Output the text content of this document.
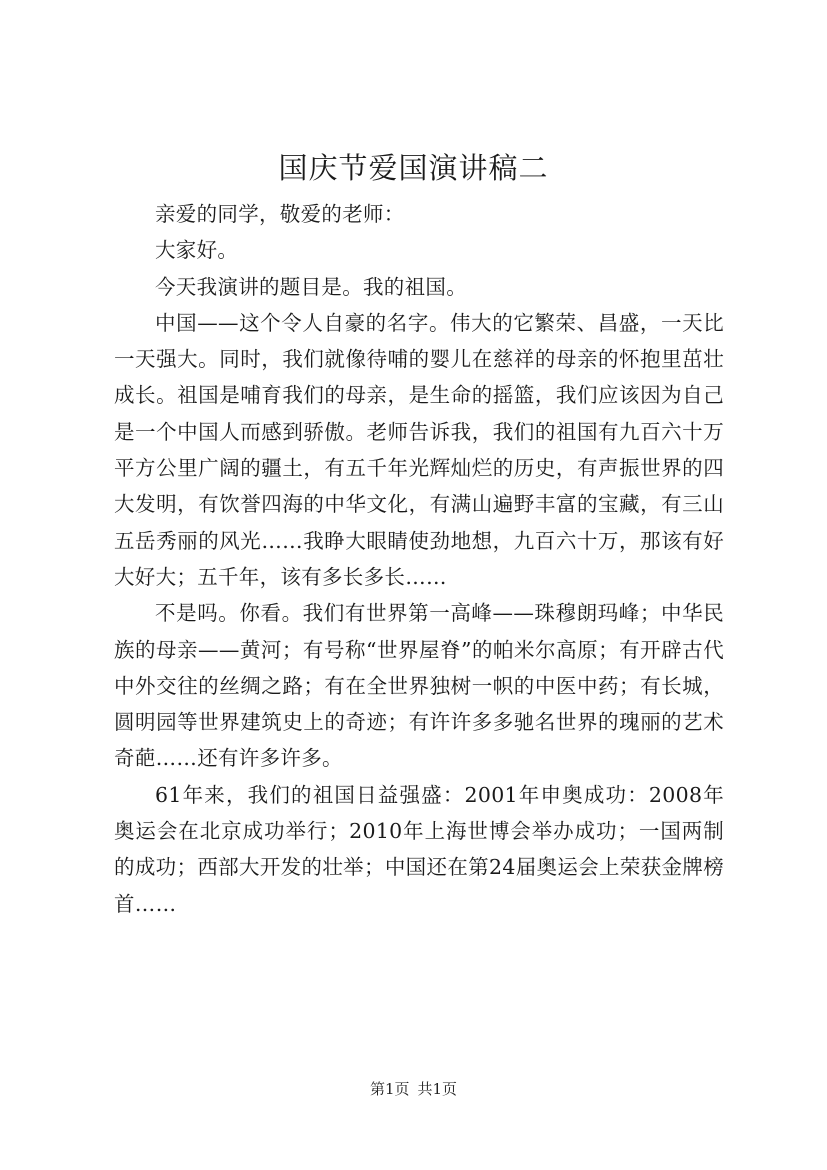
国庆节爱国演讲稿二

亲爱的同学，敬爱的老师：

大家好。

今天我演讲的题目是。我的祖国。

中国——这个令人自豪的名字。伟大的它繁荣、昌盛，一天比一天强大。同时，我们就像待哺的婴儿在慈祥的母亲的怀抱里茁壮成长。祖国是哺育我们的母亲，是生命的摇篮，我们应该因为自己是一个中国人而感到骄傲。老师告诉我，我们的祖国有九百六十万平方公里广阔的疆土，有五千年光辉灿烂的历史，有声振世界的四大发明，有饮誉四海的中华文化，有满山遍野丰富的宝藏，有三山五岳秀丽的风光……我睁大眼睛使劲地想，九百六十万，那该有好大好大；五千年，该有多长多长……

不是吗。你看。我们有世界第一高峰——珠穆朗玛峰；中华民族的母亲——黄河；有号称“世界屋脊”的帕米尔高原；有开辟古代中外交往的丝绸之路；有在全世界独树一帜的中医中药；有长城，圆明园等世界建筑史上的奇迹；有许许多多驰名世界的瑰丽的艺术奇葩……还有许多许多。

61年来，我们的祖国日益强盛：2001年申奥成功：2008年奥运会在北京成功举行；2010年上海世博会举办成功；一国两制的成功；西部大开发的壮举；中国还在第24届奥运会上荣获金牌榜首……

第1页 共1页
